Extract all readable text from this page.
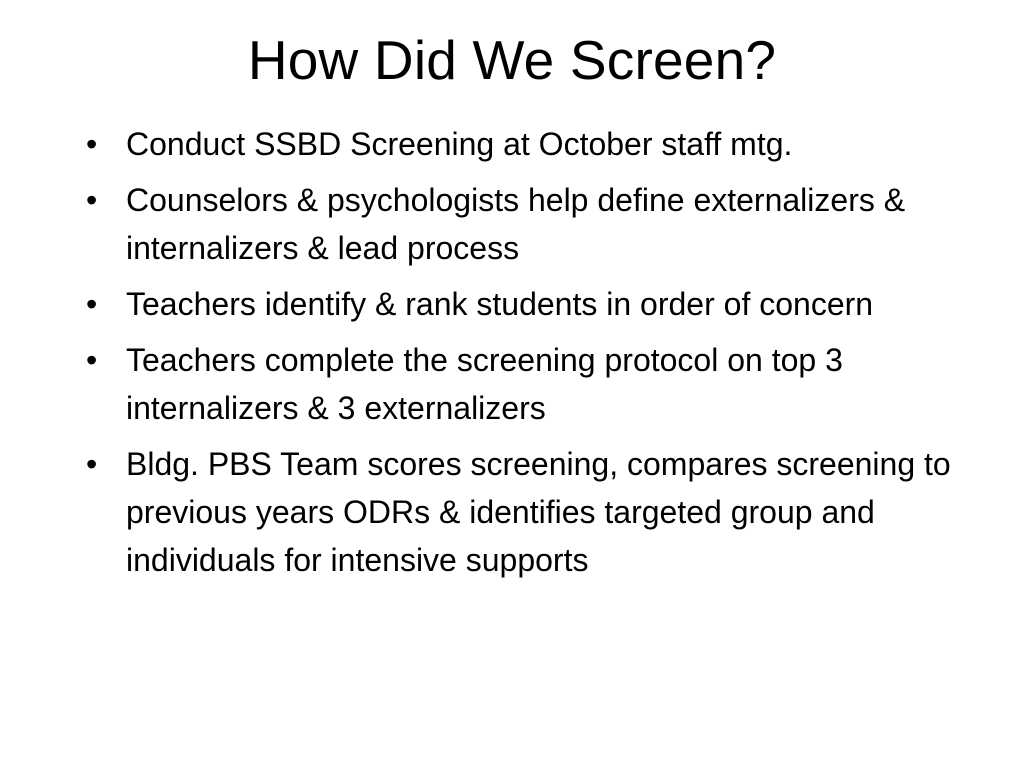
How Did We Screen?
• Conduct SSBD Screening at October staff mtg.
• Counselors & psychologists help define externalizers & internalizers & lead process
• Teachers identify & rank students in order of concern
• Teachers complete the screening protocol on top 3 internalizers & 3 externalizers
• Bldg. PBS Team scores screening, compares screening to previous years ODRs & identifies targeted group and individuals for intensive supports
